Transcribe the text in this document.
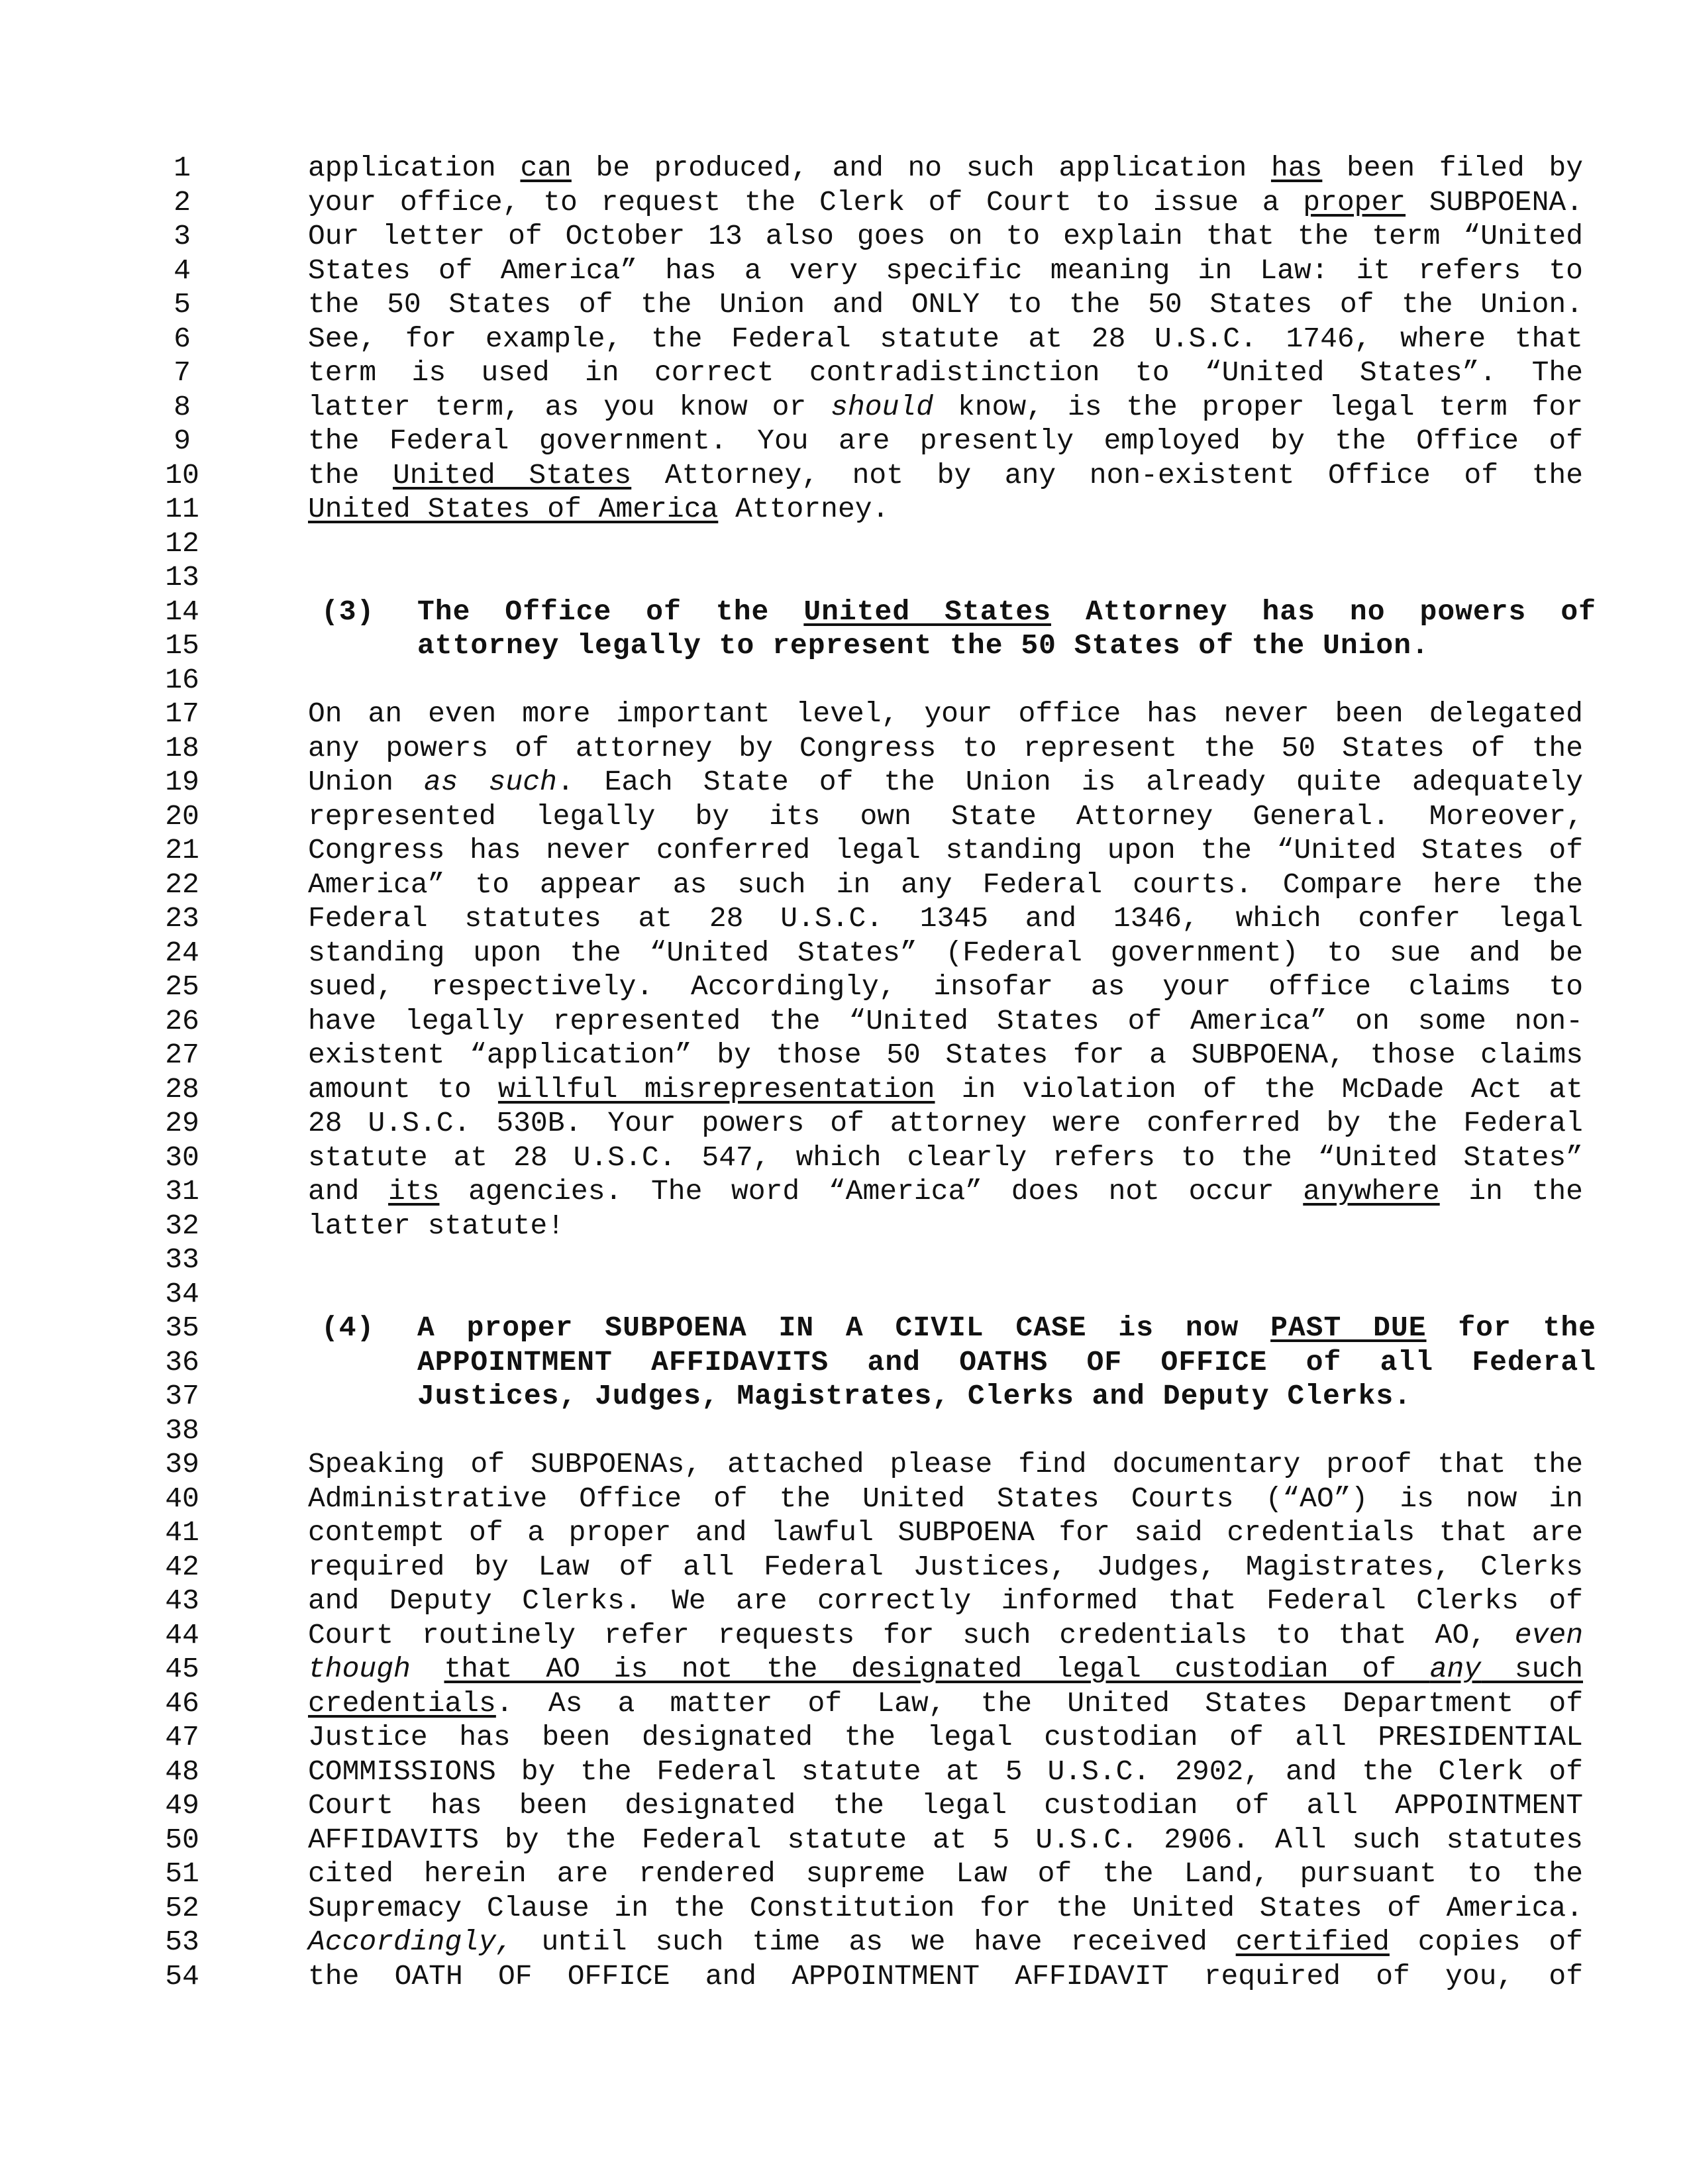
1	application can be produced, and no such application has been filed by
2	your office, to request the Clerk of Court to issue a proper SUBPOENA.
3	Our letter of October 13 also goes on to explain that the term “United
4	States of America” has a very specific meaning in Law: it refers to
5	the 50 States of the Union and ONLY to the 50 States of the Union.
6	See, for example, the Federal statute at 28 U.S.C. 1746, where that
7	term is used in correct contradistinction to “United States”. The
8	latter term, as you know or should know, is the proper legal term for
9	the Federal government. You are presently employed by the Office of
10	the United States Attorney, not by any non-existent Office of the
11	United States of America Attorney.
12
13
14	(3) The Office of the United States Attorney has no powers of
15	attorney legally to represent the 50 States of the Union.
16
17	On an even more important level, your office has never been delegated
18	any powers of attorney by Congress to represent the 50 States of the
19	Union as such. Each State of the Union is already quite adequately
20	represented legally by its own State Attorney General. Moreover,
21	Congress has never conferred legal standing upon the “United States of
22	America” to appear as such in any Federal courts. Compare here the
23	Federal statutes at 28 U.S.C. 1345 and 1346, which confer legal
24	standing upon the “United States” (Federal government) to sue and be
25	sued, respectively. Accordingly, insofar as your office claims to
26	have legally represented the “United States of America” on some non-
27	existent “application” by those 50 States for a SUBPOENA, those claims
28	amount to willful misrepresentation in violation of the McDade Act at
29	28 U.S.C. 530B. Your powers of attorney were conferred by the Federal
30	statute at 28 U.S.C. 547, which clearly refers to the “United States”
31	and its agencies. The word “America” does not occur anywhere in the
32	latter statute!
33
34
35	(4) A proper SUBPOENA IN A CIVIL CASE is now PAST DUE for the
36	APPOINTMENT AFFIDAVITS and OATHS OF OFFICE of all Federal
37	Justices, Judges, Magistrates, Clerks and Deputy Clerks.
38
39	Speaking of SUBPOENAs, attached please find documentary proof that the
40	Administrative Office of the United States Courts (“AO”) is now in
41	contempt of a proper and lawful SUBPOENA for said credentials that are
42	required by Law of all Federal Justices, Judges, Magistrates, Clerks
43	and Deputy Clerks. We are correctly informed that Federal Clerks of
44	Court routinely refer requests for such credentials to that AO, even
45	though that AO is not the designated legal custodian of any such
46	credentials. As a matter of Law, the United States Department of
47	Justice has been designated the legal custodian of all PRESIDENTIAL
48	COMMISSIONS by the Federal statute at 5 U.S.C. 2902, and the Clerk of
49	Court has been designated the legal custodian of all APPOINTMENT
50	AFFIDAVITS by the Federal statute at 5 U.S.C. 2906. All such statutes
51	cited herein are rendered supreme Law of the Land, pursuant to the
52	Supremacy Clause in the Constitution for the United States of America.
53	Accordingly, until such time as we have received certified copies of
54	the OATH OF OFFICE and APPOINTMENT AFFIDAVIT required of you, of
